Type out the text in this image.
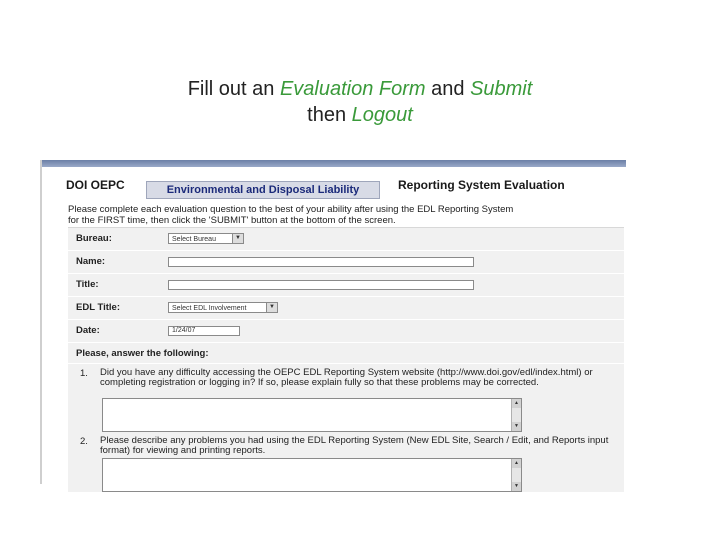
Fill out an Evaluation Form and Submit
then Logout
DOI OEPC	Environmental and Disposal Liability	Reporting System Evaluation
Please complete each evaluation question to the best of your ability after using the EDL Reporting System
for the FIRST time, then click the 'SUBMIT' button at the bottom of the screen.
Bureau:	Select Bureau	▼
Name:
Title:
EDL Title:	Select EDL Involvement	▼
Date:	1/24/07
Please, answer the following:
1. Did you have any difficulty accessing the OEPC EDL Reporting System website (http://www.doi.gov/edl/index.html) or completing registration or logging in? If so, please explain fully so that these problems may be corrected.
▲
▼
2. Please describe any problems you had using the EDL Reporting System (New EDL Site, Search / Edit, and Reports input format) for viewing and printing reports.
▲
▼
